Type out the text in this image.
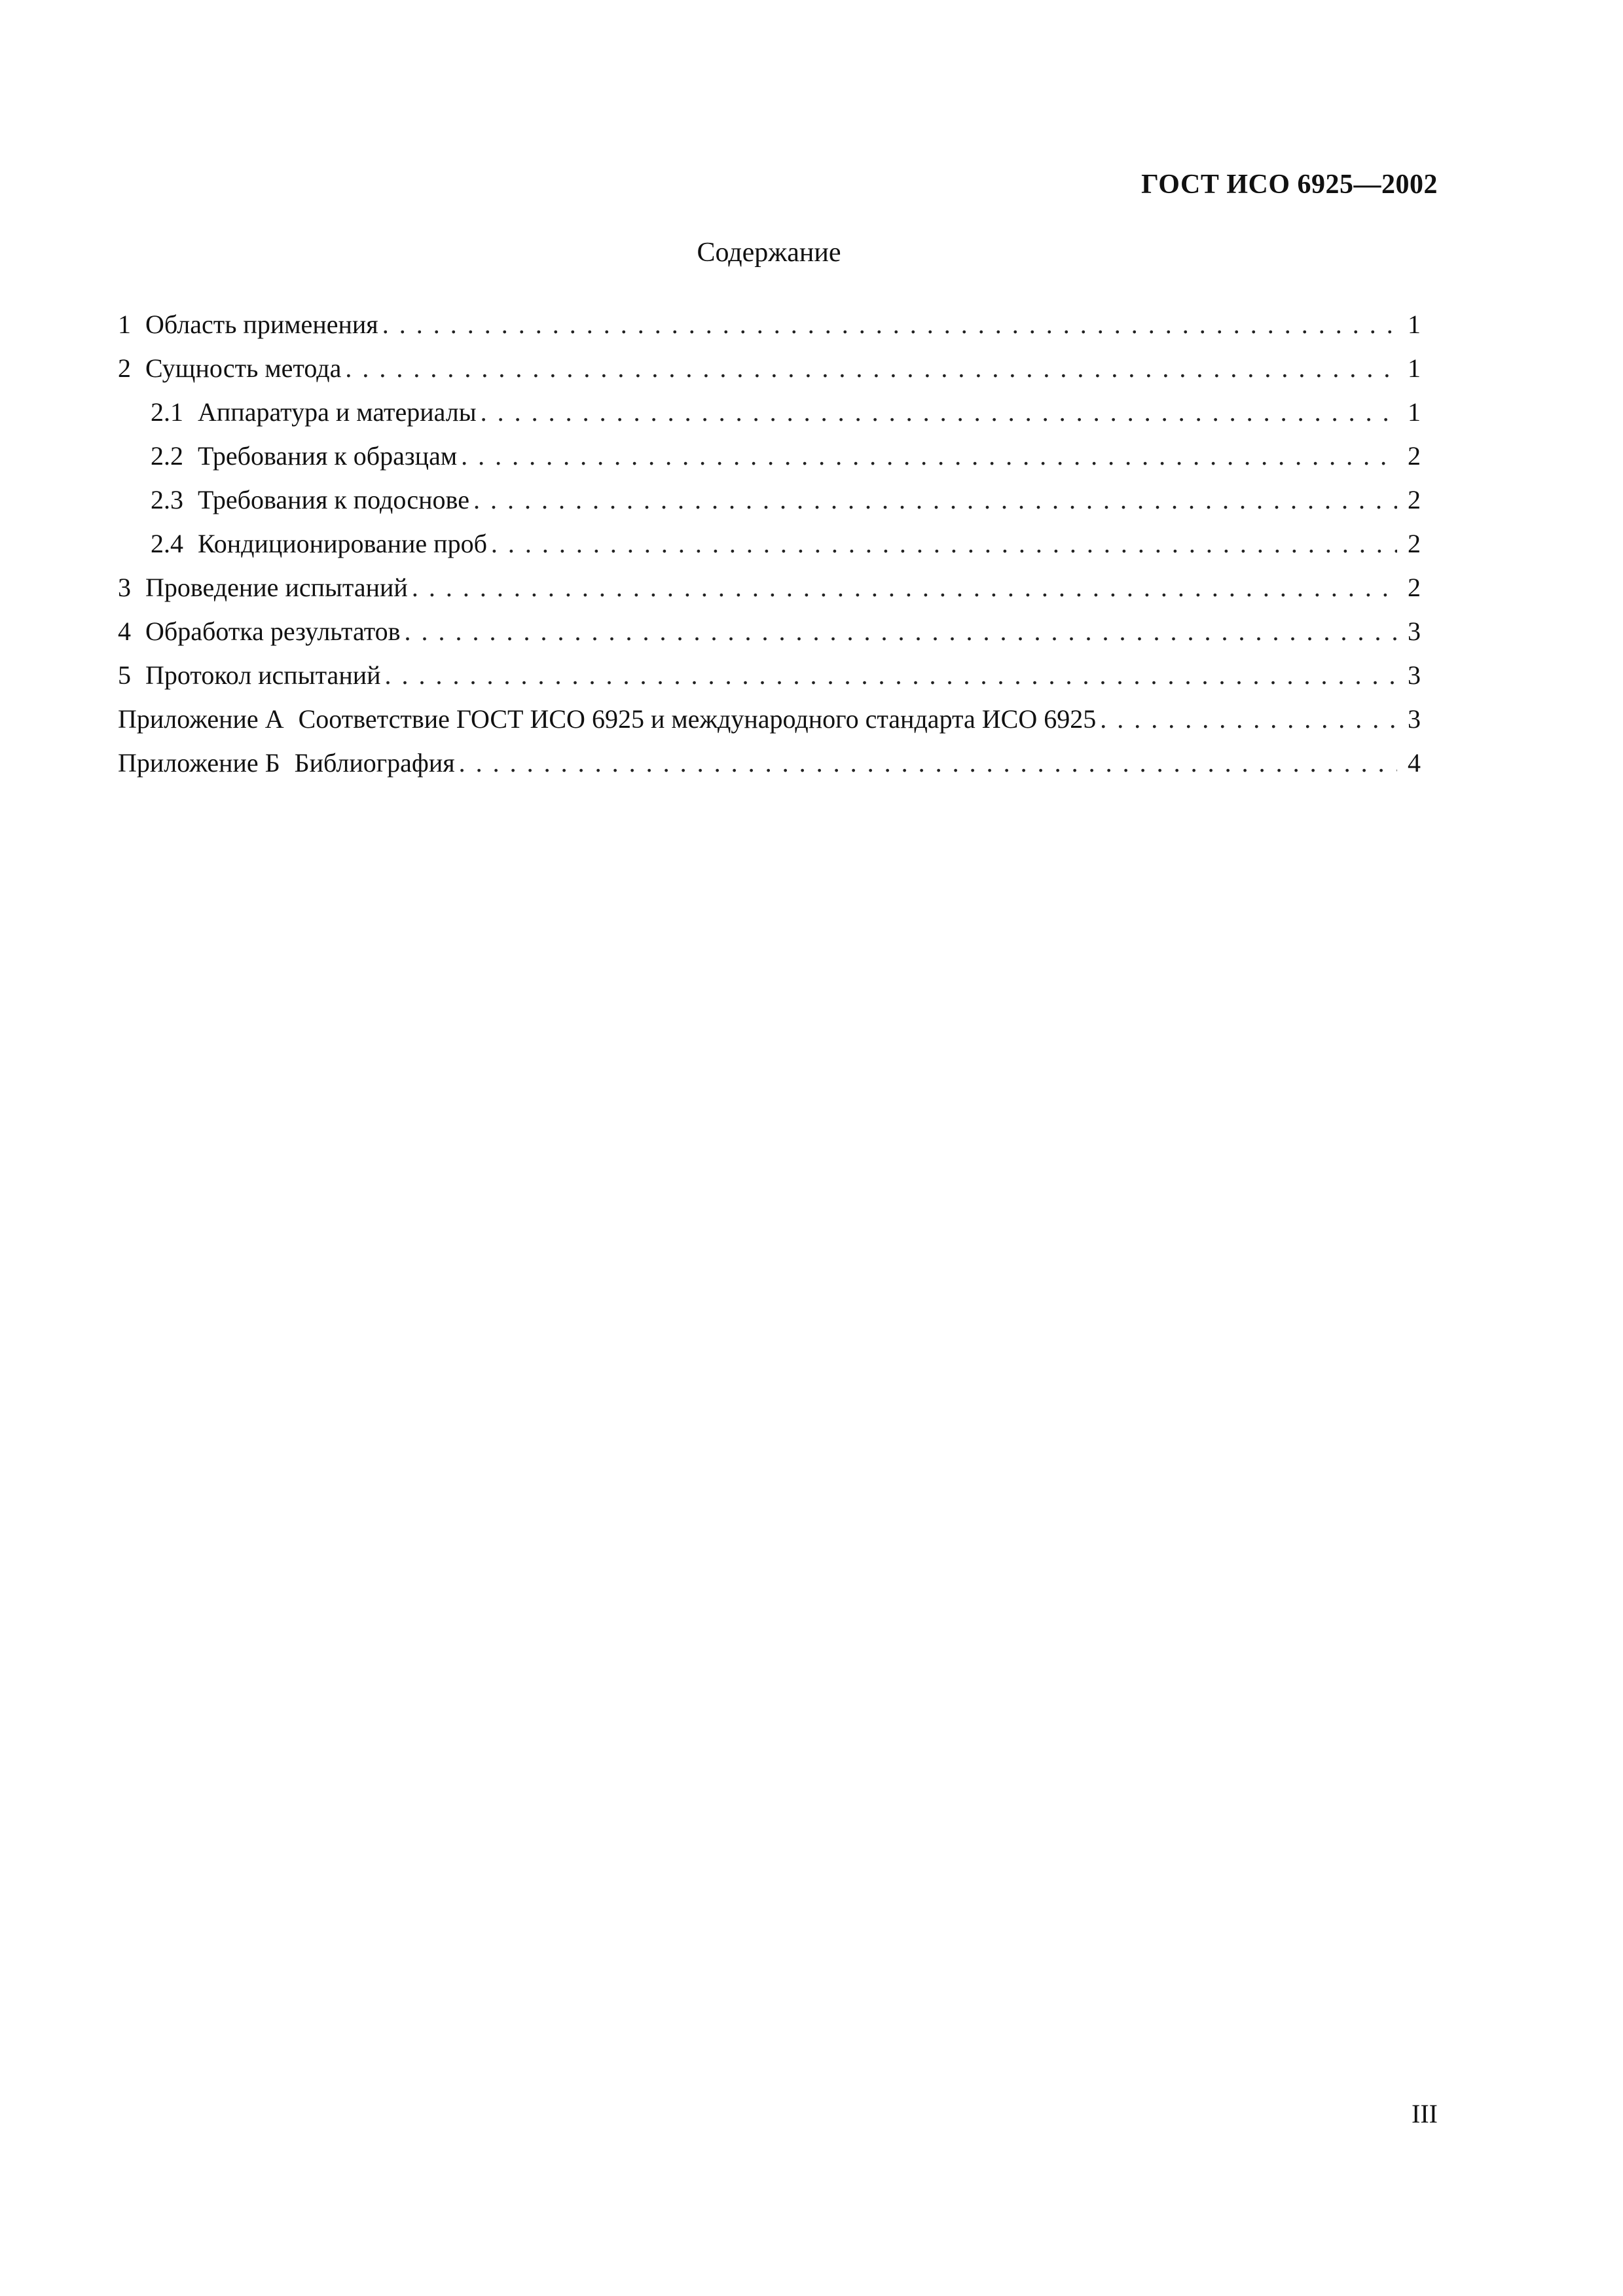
ГОСТ ИСО 6925—2002
Содержание
1 Область применения . . .	1
2 Сущность метода . . .	1
2.1 Аппаратура и материалы . . .	1
2.2 Требования к образцам . . .	2
2.3 Требования к подоснове . . .	2
2.4 Кондиционирование проб . . .	2
3 Проведение испытаний . . .	2
4 Обработка результатов . . .	3
5 Протокол испытаний . . .	3
Приложение А Соответствие ГОСТ ИСО 6925 и международного стандарта ИСО 6925 . . .	3
Приложение Б Библиография . . .	4
III
